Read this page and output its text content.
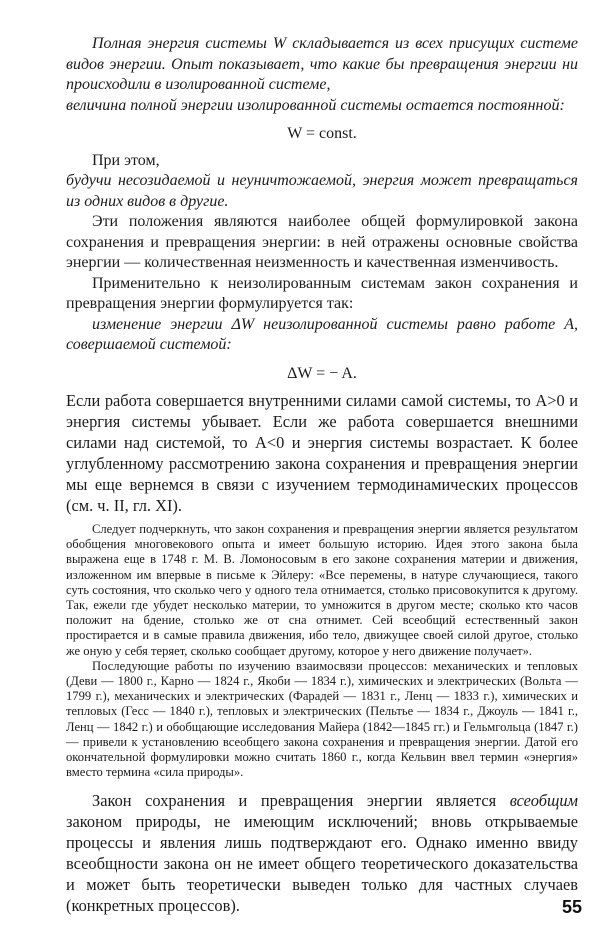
Полная энергия системы W складывается из всех присущих системе видов энергии. Опыт показывает, что какие бы превращения энергии ни происходили в изолированной системе,

величина полной энергии изолированной системы остается постоянной:

W = const.

При этом,

будучи несозидаемой и неуничтожаемой, энергия может превращаться из одних видов в другие.

Эти положения являются наиболее общей формулировкой закона сохранения и превращения энергии: в ней отражены основные свойства энергии — количественная неизменность и качественная изменчивость.

Применительно к неизолированным системам закон сохранения и превращения энергии формулируется так:

изменение энергии ΔW неизолированной системы равно работе A, совершаемой системой:

ΔW = − A.

Если работа совершается внутренними силами самой системы, то A>0 и энергия системы убывает. Если же работа совершается внешними силами над системой, то A<0 и энергия системы возрастает. К более углубленному рассмотрению закона сохранения и превращения энергии мы еще вернемся в связи с изучением термодинамических процессов (см. ч. II, гл. XI).

Следует подчеркнуть, что закон сохранения и превращения энергии является результатом обобщения многовекового опыта и имеет большую историю. Идея этого закона была выражена еще в 1748 г. М. В. Ломоносовым в его законе сохранения материи и движения, изложенном им впервые в письме к Эйлеру: «Все перемены, в натуре случающиеся, такого суть состояния, что сколько чего у одного тела отнимается, столько присовокупится к другому. Так, ежели где убудет несколько материи, то умножится в другом месте; сколько кто часов положит на бдение, столько же от сна отнимет. Сей всеобщий естественный закон простирается и в самые правила движения, ибо тело, движущее своей силой другое, столько же оную у себя теряет, сколько сообщает другому, которое у него движение получает».

Последующие работы по изучению взаимосвязи процессов: механических и тепловых (Деви — 1800 г., Карно — 1824 г., Якоби — 1834 г.), химических и электрических (Вольта — 1799 г.), механических и электрических (Фарадей — 1831 г., Ленц — 1833 г.), химических и тепловых (Гесс — 1840 г.), тепловых и электрических (Пельтье — 1834 г., Джоуль — 1841 г., Ленц — 1842 г.) и обобщающие исследования Майера (1842—1845 гг.) и Гельмгольца (1847 г.) — привели к установлению всеобщего закона сохранения и превращения энергии. Датой его окончательной формулировки можно считать 1860 г., когда Кельвин ввел термин «энергия» вместо термина «сила природы».

Закон сохранения и превращения энергии является всеобщим законом природы, не имеющим исключений; вновь открываемые процессы и явления лишь подтверждают его. Однако именно ввиду всеобщности закона он не имеет общего теоретического доказательства и может быть теоретически выведен только для частных случаев (конкретных процессов).	55
